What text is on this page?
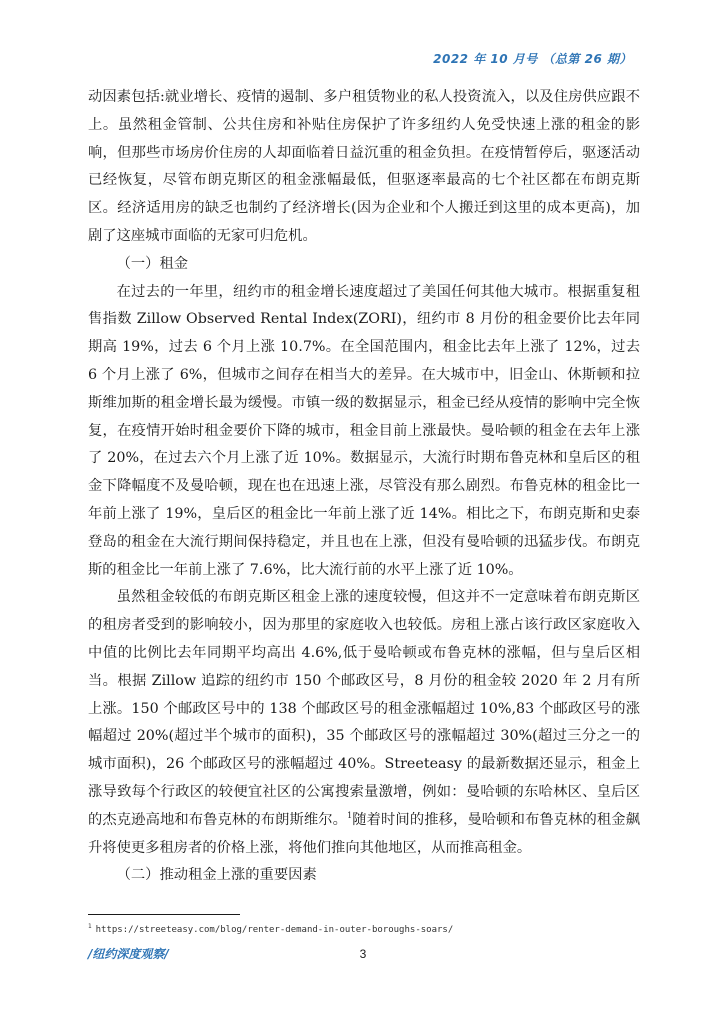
2022 年 10 月号 （总第 26 期）

动因素包括:就业增长、疫情的遏制、多户租赁物业的私人投资流入，以及住房供应跟不上。虽然租金管制、公共住房和补贴住房保护了许多纽约人免受快速上涨的租金的影响，但那些市场房价住房的人却面临着日益沉重的租金负担。在疫情暂停后，驱逐活动已经恢复，尽管布朗克斯区的租金涨幅最低，但驱逐率最高的七个社区都在布朗克斯区。经济适用房的缺乏也制约了经济增长(因为企业和个人搬迁到这里的成本更高)，加剧了这座城市面临的无家可归危机。

（一）租金

在过去的一年里，纽约市的租金增长速度超过了美国任何其他大城市。根据重复租售指数 Zillow Observed Rental Index(ZORI)，纽约市 8 月份的租金要价比去年同期高 19%，过去 6 个月上涨 10.7%。在全国范围内，租金比去年上涨了 12%，过去 6 个月上涨了 6%，但城市之间存在相当大的差异。在大城市中，旧金山、休斯顿和拉斯维加斯的租金增长最为缓慢。市镇一级的数据显示，租金已经从疫情的影响中完全恢复，在疫情开始时租金要价下降的城市，租金目前上涨最快。曼哈顿的租金在去年上涨了 20%，在过去六个月上涨了近 10%。数据显示，大流行时期布鲁克林和皇后区的租金下降幅度不及曼哈顿，现在也在迅速上涨，尽管没有那么剧烈。布鲁克林的租金比一年前上涨了 19%，皇后区的租金比一年前上涨了近 14%。相比之下，布朗克斯和史泰登岛的租金在大流行期间保持稳定，并且也在上涨，但没有曼哈顿的迅猛步伐。布朗克斯的租金比一年前上涨了 7.6%，比大流行前的水平上涨了近 10%。

虽然租金较低的布朗克斯区租金上涨的速度较慢，但这并不一定意味着布朗克斯区的租房者受到的影响较小，因为那里的家庭收入也较低。房租上涨占该行政区家庭收入中值的比例比去年同期平均高出 4.6%,低于曼哈顿或布鲁克林的涨幅，但与皇后区相当。根据 Zillow 追踪的纽约市 150 个邮政区号，8 月份的租金较 2020 年 2 月有所上涨。150 个邮政区号中的 138 个邮政区号的租金涨幅超过 10%,83 个邮政区号的涨幅超过 20%(超过半个城市的面积)，35 个邮政区号的涨幅超过 30%(超过三分之一的城市面积)，26 个邮政区号的涨幅超过 40%。Streeteasy 的最新数据还显示，租金上涨导致每个行政区的较便宜社区的公寓搜索量激增，例如：曼哈顿的东哈林区、皇后区的杰克逊高地和布鲁克林的布朗斯维尔。$^1$随着时间的推移，曼哈顿和布鲁克林的租金飙升将使更多租房者的价格上涨，将他们推向其他地区，从而推高租金。

（二）推动租金上涨的重要因素

$^1$ https://streeteasy.com/blog/renter-demand-in-outer-boroughs-soars/
/纽约深度观察/	3
